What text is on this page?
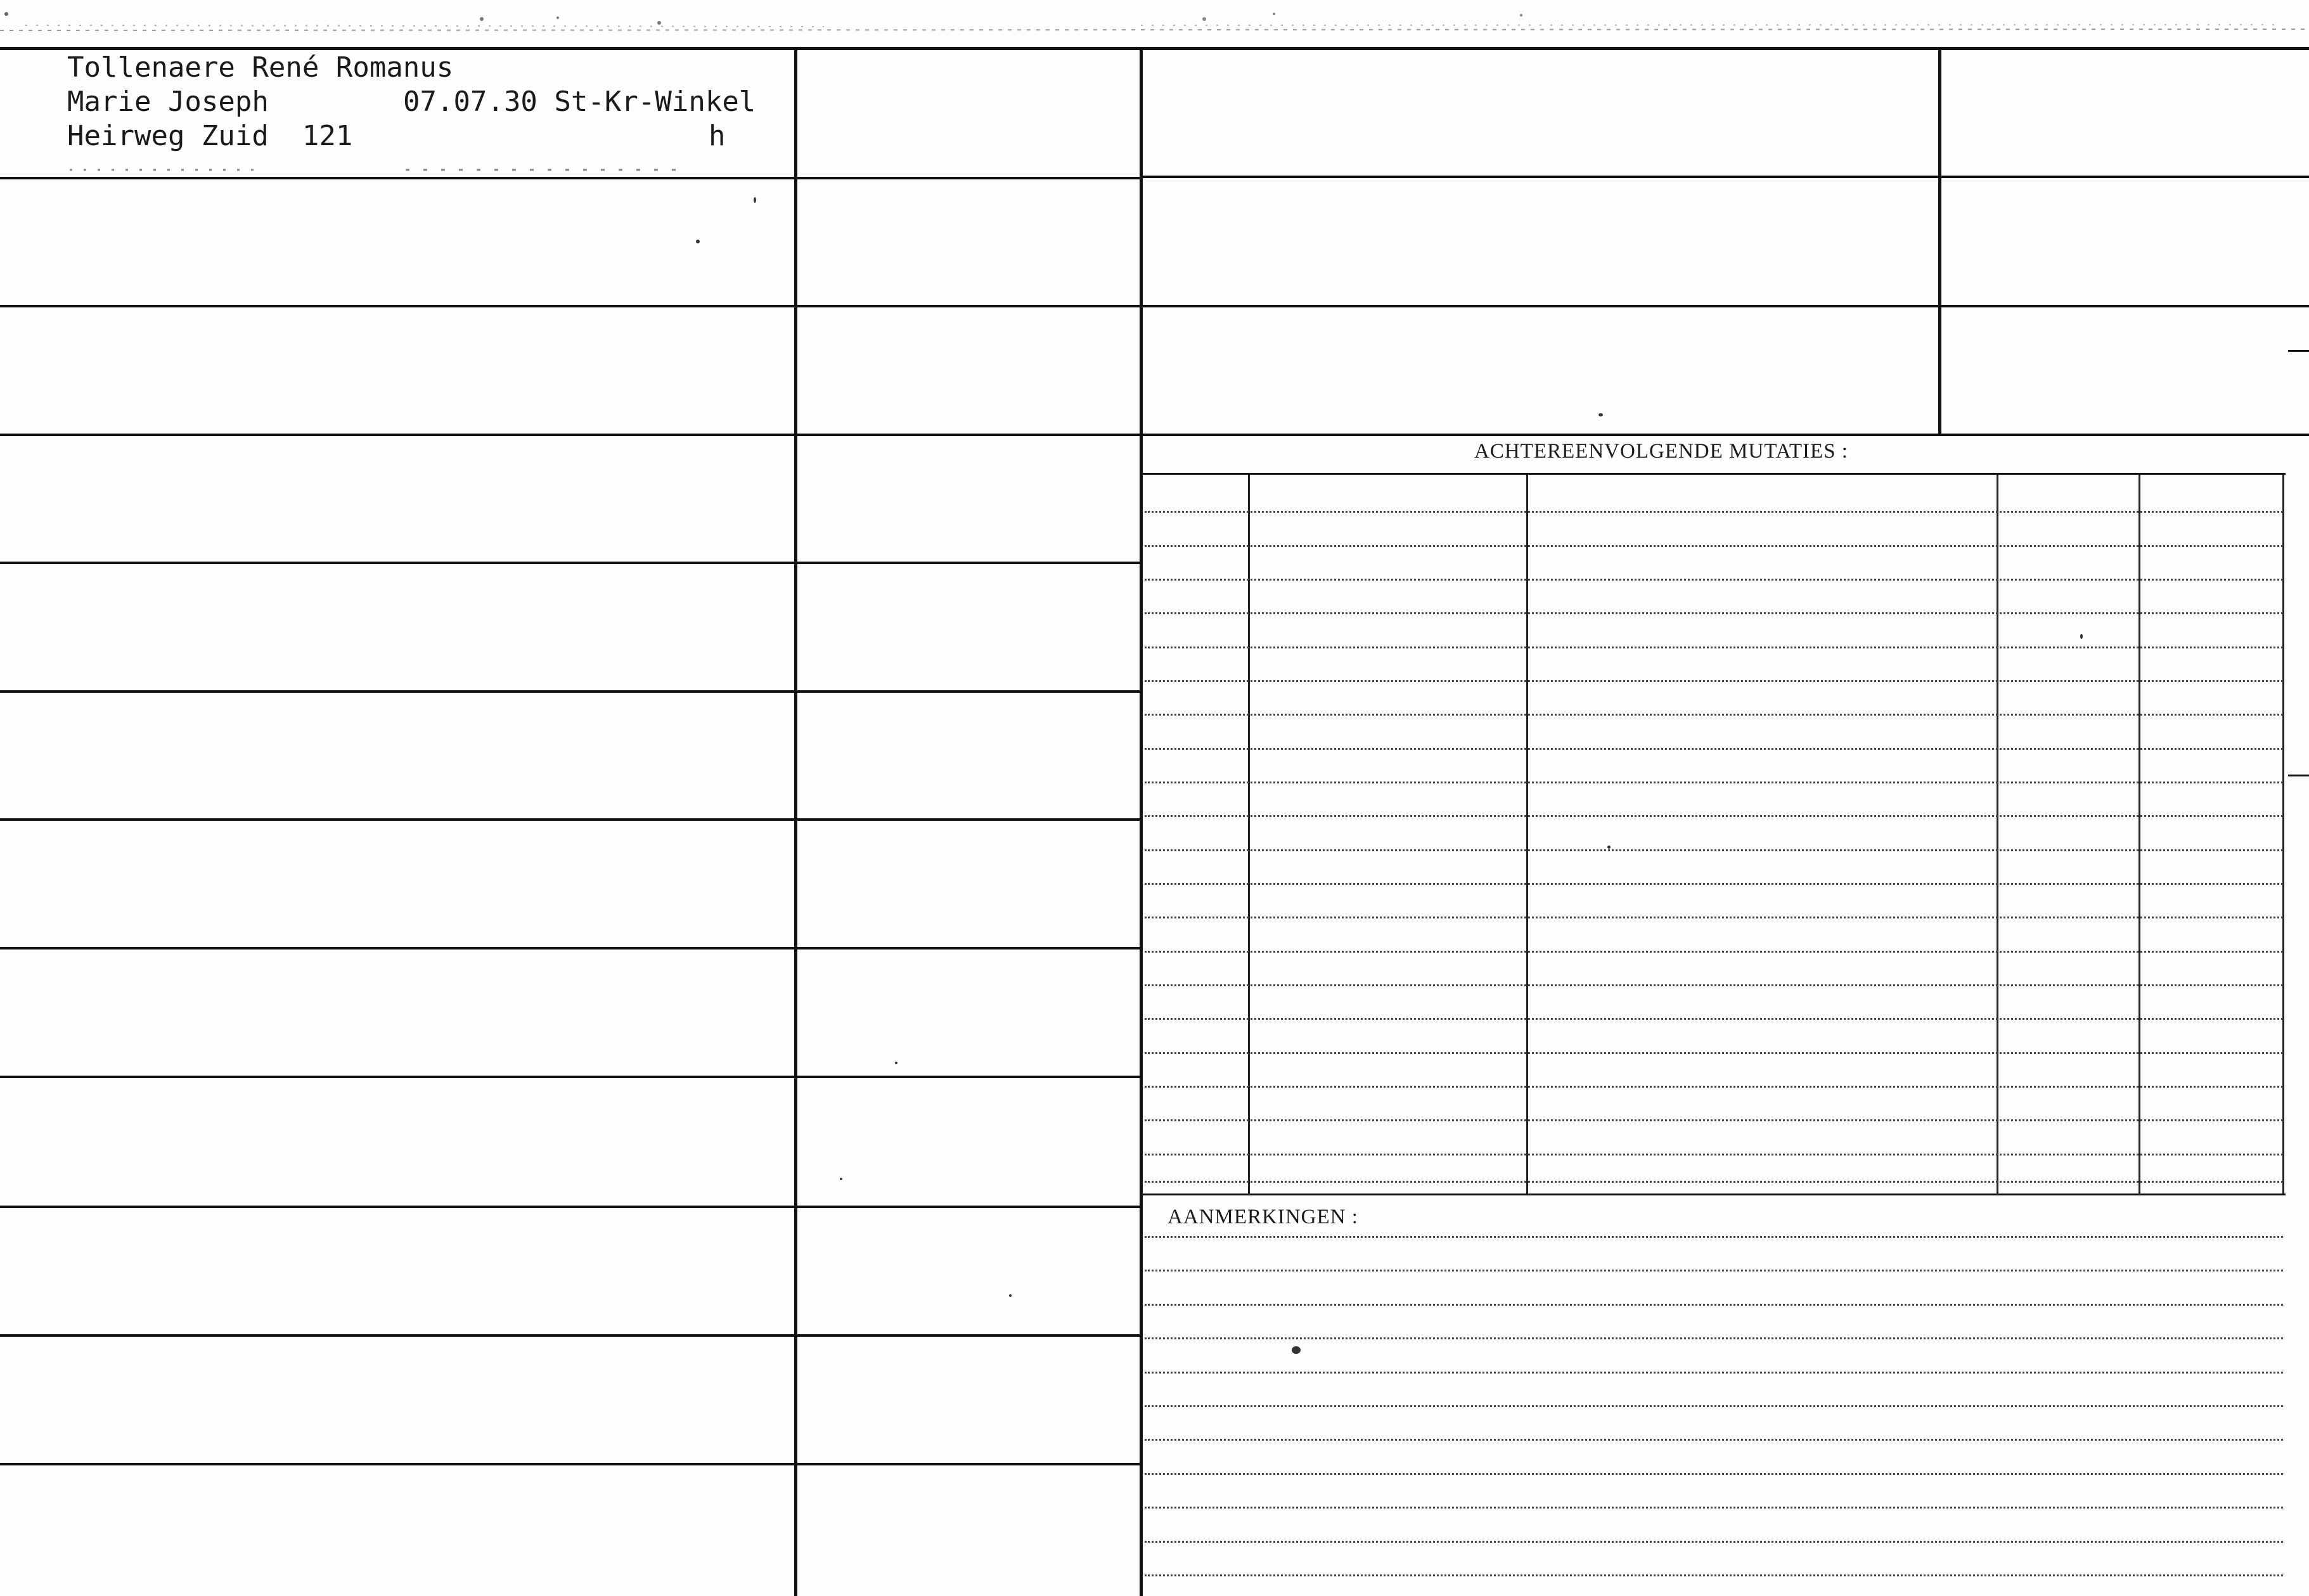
ACHTEREENVOLGENDE MUTATIES :
AANMERKINGEN :
Tollenaere René Romanus
Marie Joseph	07.07.30 St-Kr-Winkel
Heirweg Zuid  121	h
